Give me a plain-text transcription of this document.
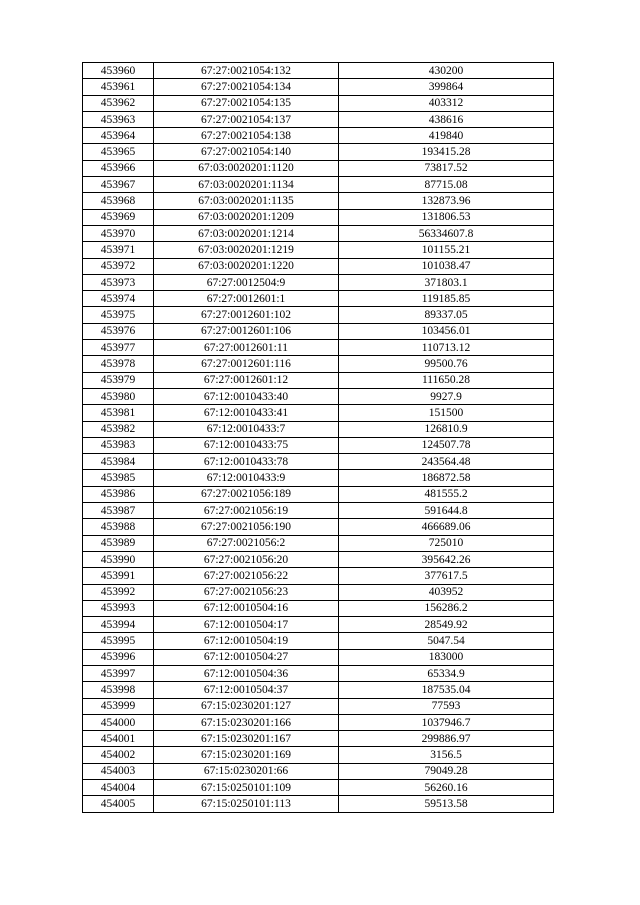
453960	67:27:0021054:132	430200
453961	67:27:0021054:134	399864
453962	67:27:0021054:135	403312
453963	67:27:0021054:137	438616
453964	67:27:0021054:138	419840
453965	67:27:0021054:140	193415.28
453966	67:03:0020201:1120	73817.52
453967	67:03:0020201:1134	87715.08
453968	67:03:0020201:1135	132873.96
453969	67:03:0020201:1209	131806.53
453970	67:03:0020201:1214	56334607.8
453971	67:03:0020201:1219	101155.21
453972	67:03:0020201:1220	101038.47
453973	67:27:0012504:9	371803.1
453974	67:27:0012601:1	119185.85
453975	67:27:0012601:102	89337.05
453976	67:27:0012601:106	103456.01
453977	67:27:0012601:11	110713.12
453978	67:27:0012601:116	99500.76
453979	67:27:0012601:12	111650.28
453980	67:12:0010433:40	9927.9
453981	67:12:0010433:41	151500
453982	67:12:0010433:7	126810.9
453983	67:12:0010433:75	124507.78
453984	67:12:0010433:78	243564.48
453985	67:12:0010433:9	186872.58
453986	67:27:0021056:189	481555.2
453987	67:27:0021056:19	591644.8
453988	67:27:0021056:190	466689.06
453989	67:27:0021056:2	725010
453990	67:27:0021056:20	395642.26
453991	67:27:0021056:22	377617.5
453992	67:27:0021056:23	403952
453993	67:12:0010504:16	156286.2
453994	67:12:0010504:17	28549.92
453995	67:12:0010504:19	5047.54
453996	67:12:0010504:27	183000
453997	67:12:0010504:36	65334.9
453998	67:12:0010504:37	187535.04
453999	67:15:0230201:127	77593
454000	67:15:0230201:166	1037946.7
454001	67:15:0230201:167	299886.97
454002	67:15:0230201:169	3156.5
454003	67:15:0230201:66	79049.28
454004	67:15:0250101:109	56260.16
454005	67:15:0250101:113	59513.58
